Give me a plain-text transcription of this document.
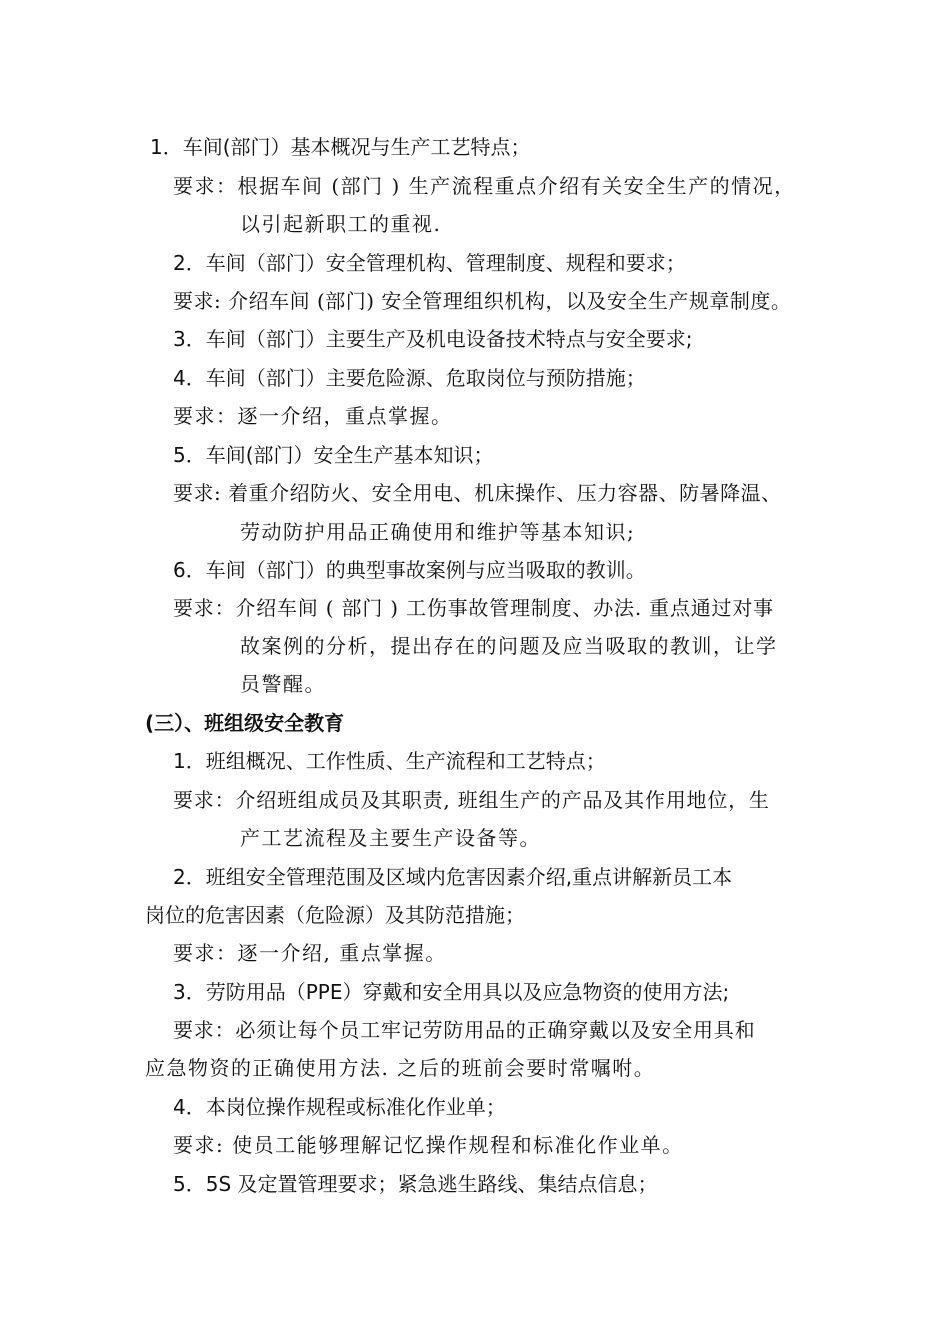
1．车间(部门）基本概况与生产工艺特点；
要求：根据车间 (部门 ) 生产流程重点介绍有关安全生产的情况，
以引起新职工的重视.
2．车间（部门）安全管理机构、管理制度、规程和要求；
要求: 介绍车间 (部门) 安全管理组织机构，以及安全生产规章制度。
3．车间（部门）主要生产及机电设备技术特点与安全要求;
4．车间（部门）主要危险源、危取岗位与预防措施；
要求：逐一介绍，重点掌握。
5．车间(部门）安全生产基本知识；
要求: 着重介绍防火、安全用电、机床操作、压力容器、防暑降温、
劳动防护用品正确使用和维护等基本知识;
6．车间（部门）的典型事故案例与应当吸取的教训。
要求：介绍车间 ( 部门 ) 工伤事故管理制度、办法. 重点通过对事
故案例的分析，提出存在的问题及应当吸取的教训，让学
员警醒。
(三）、班组级安全教育
1．班组概况、工作性质、生产流程和工艺特点；
要求：介绍班组成员及其职责, 班组生产的产品及其作用地位，生
产工艺流程及主要生产设备等。
2．班组安全管理范围及区域内危害因素介绍,重点讲解新员工本
岗位的危害因素（危险源）及其防范措施；
要求：逐一介绍, 重点掌握。
3．劳防用品（PPE）穿戴和安全用具以及应急物资的使用方法;
要求：必须让每个员工牢记劳防用品的正确穿戴以及安全用具和
应急物资的正确使用方法. 之后的班前会要时常嘱咐。
4．本岗位操作规程或标准化作业单；
要求: 使员工能够理解记忆操作规程和标准化作业单。
5．5S 及定置管理要求；紧急逃生路线、集结点信息；
